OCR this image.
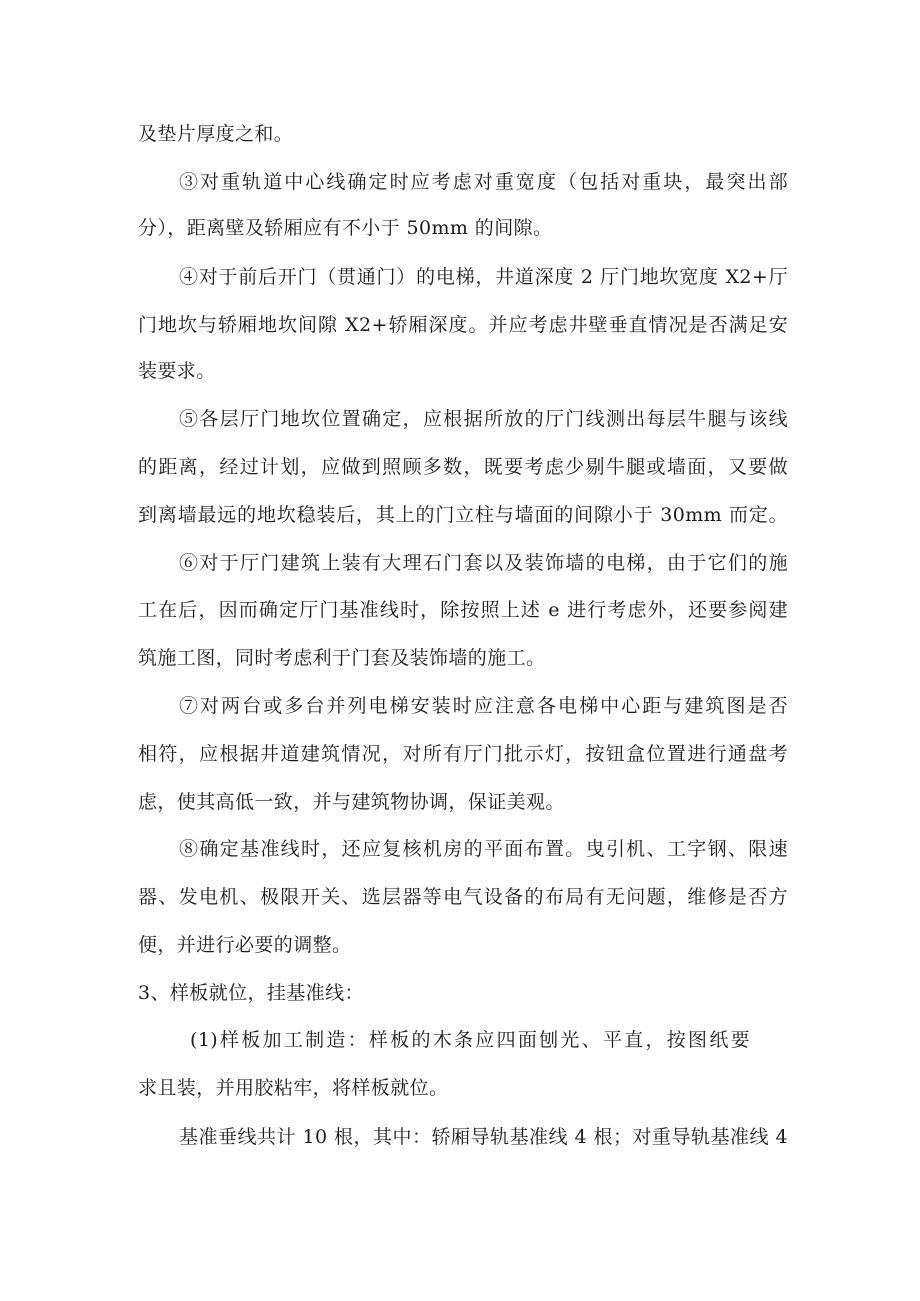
及垫片厚度之和。
③对重轨道中心线确定时应考虑对重宽度（包括对重块，最突出部
分），距离壁及轿厢应有不小于 50mm 的间隙。
④对于前后开门（贯通门）的电梯，井道深度 2 厅门地坎宽度 X2+厅
门地坎与轿厢地坎间隙 X2+轿厢深度。并应考虑井壁垂直情况是否满足安
装要求。
⑤各层厅门地坎位置确定，应根据所放的厅门线测出每层牛腿与该线
的距离，经过计划，应做到照顾多数，既要考虑少剔牛腿或墙面，又要做
到离墙最远的地坎稳装后，其上的门立柱与墙面的间隙小于 30mm 而定。
⑥对于厅门建筑上装有大理石门套以及装饰墙的电梯，由于它们的施
工在后，因而确定厅门基准线时，除按照上述 e 进行考虑外，还要参阅建
筑施工图，同时考虑利于门套及装饰墙的施工。
⑦对两台或多台并列电梯安装时应注意各电梯中心距与建筑图是否
相符，应根据井道建筑情况，对所有厅门批示灯，按钮盒位置进行通盘考
虑，使其高低一致，并与建筑物协调，保证美观。
⑧确定基准线时，还应复核机房的平面布置。曳引机、工字钢、限速
器、发电机、极限开关、选层器等电气设备的布局有无问题，维修是否方
便，并进行必要的调整。
3、样板就位，挂基准线：
(1)样板加工制造：样板的木条应四面刨光、平直，按图纸要
求且装，并用胶粘牢，将样板就位。
基准垂线共计 10 根，其中：轿厢导轨基准线 4 根；对重导轨基准线 4
